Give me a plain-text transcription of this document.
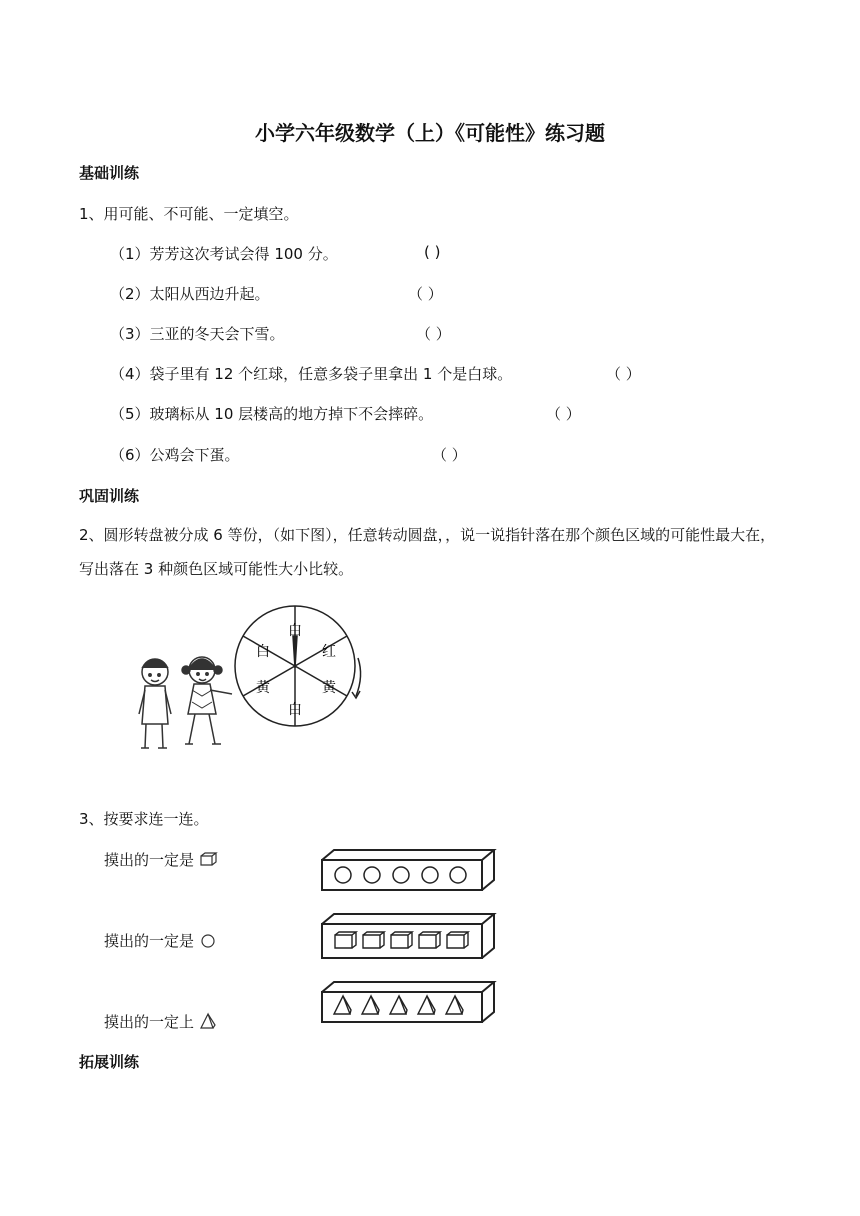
小学六年级数学（上）《可能性》练习题
基础训练
1、用可能、不可能、一定填空。
（1）芳芳这次考试会得 100 分。	( )
（2）太阳从西边升起。	（ ）
（3）三亚的冬天会下雪。	（ ）
（4）袋子里有 12 个红球，任意多袋子里拿出 1 个是白球。	（ ）
（5）玻璃标从 10 层楼高的地方掉下不会摔碎。	（ ）
（6）公鸡会下蛋。	（ ）
巩固训练
2、圆形转盘被分成 6 等份，（如下图），任意转动圆盘，，说一说指针落在那个颜色区域的可能性最大在，写出落在 3 种颜色区域可能性大小比较。
白
红
黄
白
黄
白
3、按要求连一连。
摸出的一定是
摸出的一定是
摸出的一定上
拓展训练
